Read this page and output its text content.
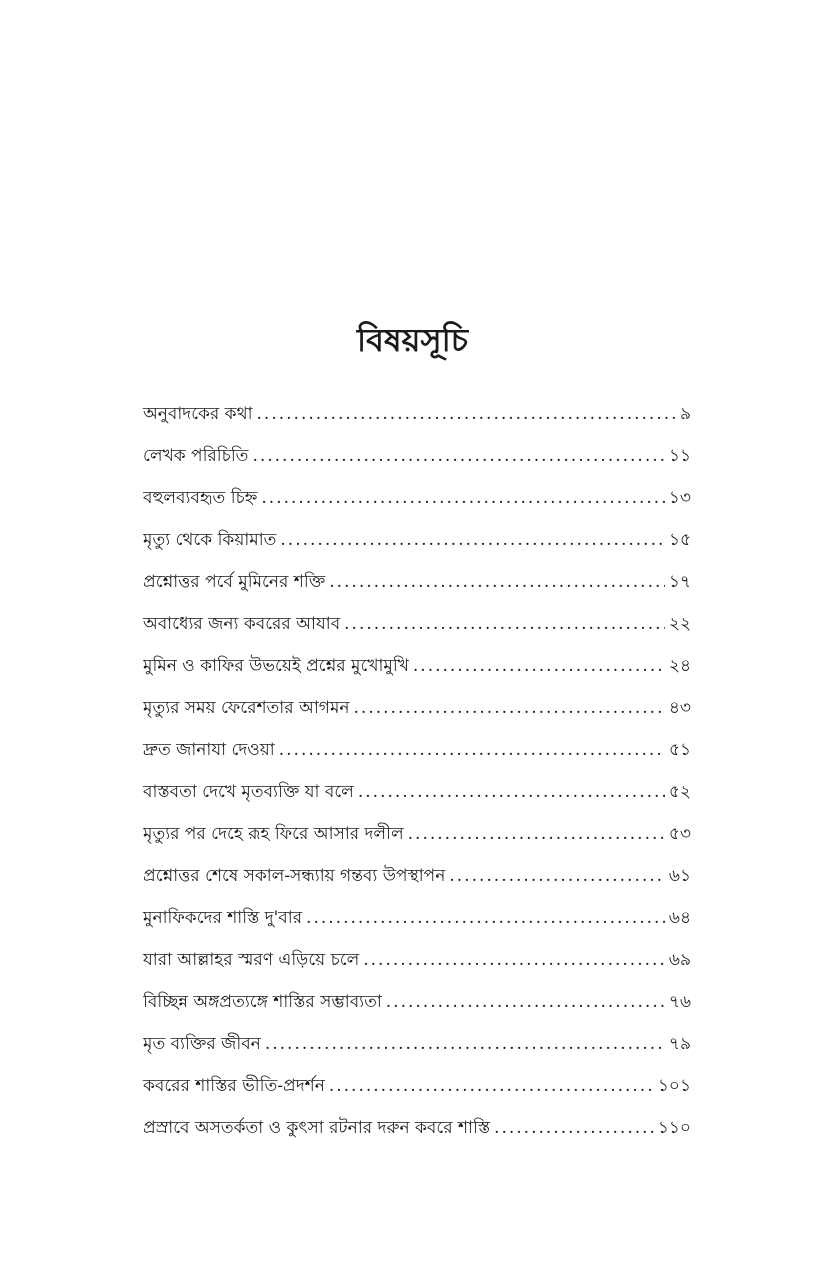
বিষয়সূচি
অনুবাদকের কথা .....	৯
লেখক পরিচিতি .....	১১
বহুলব্যবহৃত চিহ্ন .....	১৩
মৃত্যু থেকে কিয়ামাত .....	১৫
প্রশ্নোত্তর পর্বে মুমিনের শক্তি .....	১৭
অবাধ্যের জন্য কবরের আযাব .....	২২
মুমিন ও কাফির উভয়েই প্রশ্নের মুখোমুখি .....	২৪
মৃত্যুর সময় ফেরেশতার আগমন .....	৪৩
দ্রুত জানাযা দেওয়া .....	৫১
বাস্তবতা দেখে মৃতব্যক্তি যা বলে .....	৫২
মৃত্যুর পর দেহে রূহ ফিরে আসার দলীল .....	৫৩
প্রশ্নোত্তর শেষে সকাল-সন্ধ্যায় গন্তব্য উপস্থাপন .....	৬১
মুনাফিকদের শাস্তি দু'বার .....	৬৪
যারা আল্লাহর স্মরণ এড়িয়ে চলে .....	৬৯
বিচ্ছিন্ন অঙ্গপ্রত্যঙ্গে শাস্তির সম্ভাব্যতা .....	৭৬
মৃত ব্যক্তির জীবন .....	৭৯
কবরের শাস্তির ভীতি-প্রদর্শন .....	১০১
প্রস্রাবে অসতর্কতা ও কুৎসা রটনার দরুন কবরে শাস্তি .....	১১০
